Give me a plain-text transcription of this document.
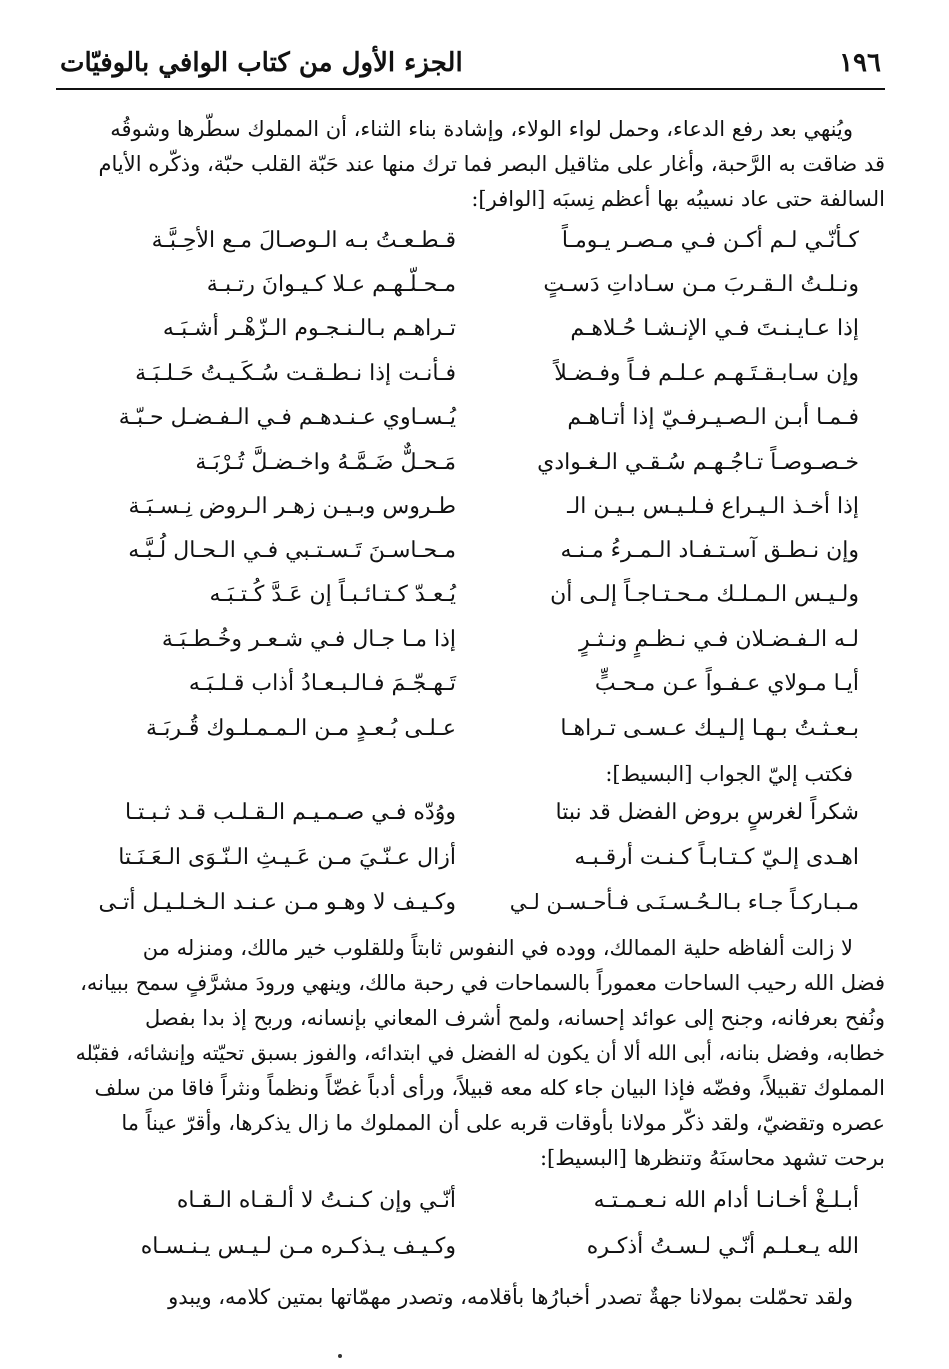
١٩٦
الجزء الأول من كتاب الوافي بالوفيّات
ويُنهي بعد رفع الدعاء، وحمل لواء الولاء، وإشادة بناء الثناء، أن المملوك سطّرها وشوقُه
قد ضاقت به الرَّحبة، وأغار على مثاقيل البصر فما ترك منها عند حَبّة القلب حبّة، وذكّره الأيام
السالفة حتى عاد نسيبُه بها أعظم نِسبَه [الوافر]:
كـأنّـي لـم أكـن فـي مـصـر يـومـاً
قـطـعـتُ بـه الـوصـالَ مـع الأحِـبَّـة
ونـلـتُ الـقـربَ مـن سـاداتِ دَسـتٍ
مـحـلّـهـم عـلا كـيـوانَ رتـبـة
إذا عـايـنـتَ فـي الإنـشـا حُـلاهـم
تـراهـم بـالـنـجـوم الـزّهْـر أشـبَـه
وإن سـابـقـتَـهـم عـلـم فـاً وفـضـلاً
فـأنـت إذا نـطـقـت سُـكَـيـتُ حَـلـبَـة
فـمـا أبـن الـصـيـرفـيّ إذا أتـاهـم
يُـسـاوي عـنـدهـم فـي الـفـضـل حـبّـة
خـصـوصـاً تـاجُـهـم سُـقـي الـغـوادي
مَـحـلٌّ ضَـمَّـهُ واخـضـلَّ تُـرْبَـة
إذا أخـذ الـيـراع فـلـيـس بـيـن الـ
طـروس وبـيـن زهـر الـروض نِـسـبَـة
وإن نـطـق آسـتـفـاد الـمـرءُ مـنـه
مـحـاسـنَ تَـسـتـبي فـي الـحـال لُـبَّـه
ولـيـس الـمـلـك مـحـتـاجـاً إلـى أن
يُـعـدّ كـتـائـبـاً إن عَـدَّ كُـتـبَـه
لـه الـفـضـلان فـي نـظـمٍ ونـثـرٍ
إذا مـا جـال فـي شـعـر وخُـطـبَـة
أيـا مـولاي عـفـواً عـن مـحـبٍّ
تَـهـجّـمَ فـالـبـعـادُ أذاب قـلـبَـه
بـعـثـتُ بـهـا إلـيـك عـسـى تـراهـا
عـلـى بُـعـدٍ مـن الـمـمـلـوك قُـربَـة
فكتب إليّ الجواب [البسيط]:
شكراً لغرسٍ بروض الفضل قد نبتا
ووُدّه فـي صـمـيـم الـقـلـب قـد ثـبـتـا
اهـدى إلـيّ كـتـابـاً كـنـت أرقـبـه
أزال عـنّـيَ مـن عَـيـثِ الـنّـوَى الـعَـنَـتا
مـبـاركـاً جـاء بـالـحُـسـنَـى فـأحـسـن لـي
وكـيـف لا وهـو مـن عـنـد الـخـلـيـل أتـى
لا زالت ألفاظه حلية الممالك، ووده في النفوس ثابتاً وللقلوب خير مالك، ومنزله من
فضل الله رحيب الساحات معموراً بالسماحات في رحبة مالك، وينهي ورودَ مشرَّفٍ سمح ببيانه،
ونُفح بعرفانه، وجنح إلى عوائد إحسانه، ولمح أشرف المعاني بإنسانه، وربح إذ بدا بفصل
خطابه، وفضل بنانه، أبى الله ألا أن يكون له الفضل في ابتدائه، والفوز بسبق تحيّته وإنشائه، فقبّله
المملوك تقبيلاً، وفضّه فإذا البيان جاء كله معه قبيلاً، ورأى أدباً غضّاً ونظماً ونثراً فاقا من سلف
عصره وتقضيّ، ولقد ذكّر مولانا بأوقات قربه على أن المملوك ما زال يذكرها، وأقرّ عيناً ما
برحت تشهد محاسنَهُ وتنظرها [البسيط]:
أبـلـغْ أخـانـا أدام الله نـعـمـتـه
أنّـي وإن كـنـتُ لا ألـقـاه الـقـاه
الله يـعـلـم أنّـي لـسـتُ أذكـره
وكـيـف يـذكـره مـن لـيـس يـنـسـاه
ولقد تحمّلت بمولانا جهةٌ تصدر أخبارُها بأقلامه، وتصدر مهمّاتها بمتين كلامه، ويبدو
